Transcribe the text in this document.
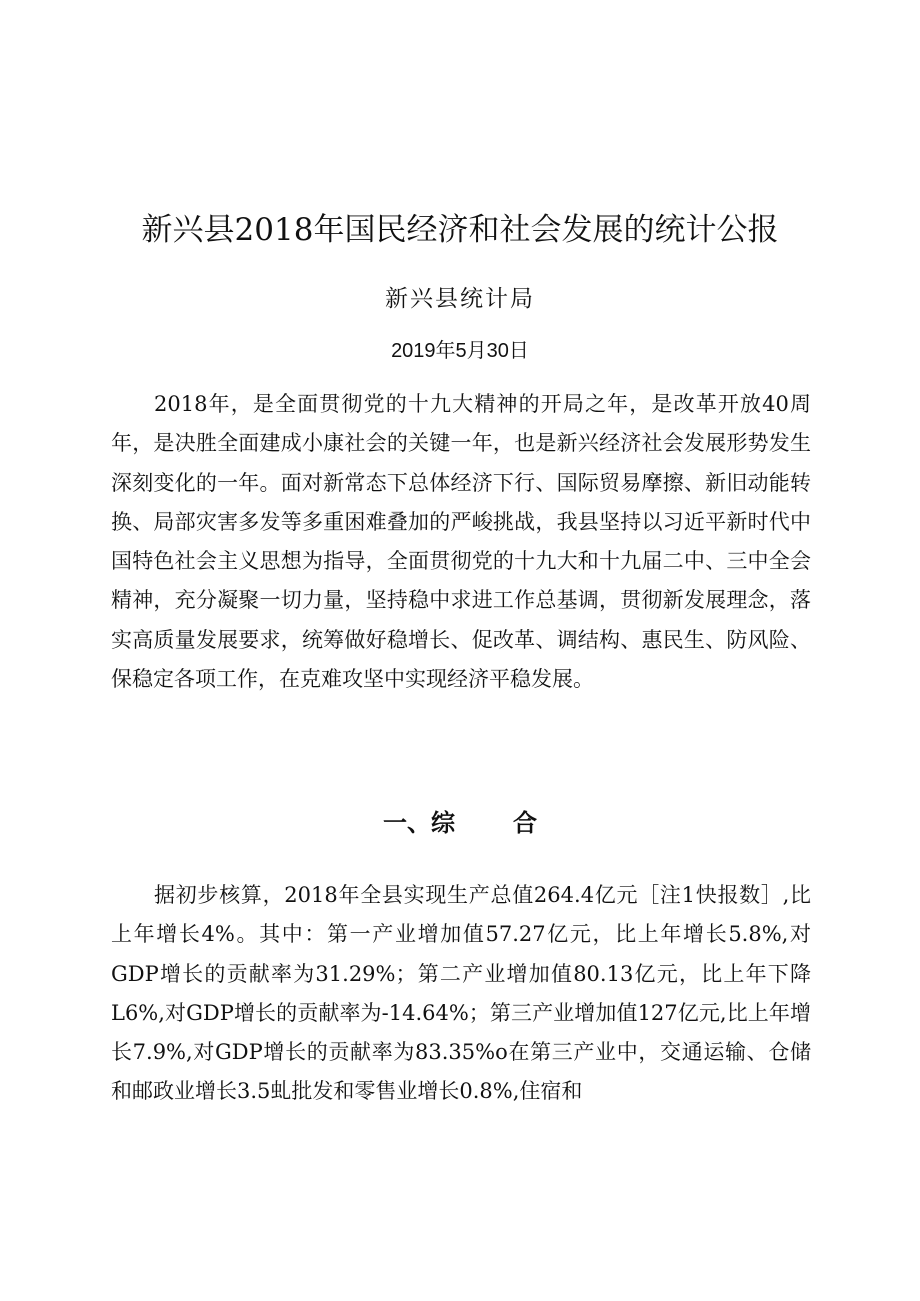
新兴县2018年国民经济和社会发展的统计公报
新兴县统计局
2019年5月30日

2018年，是全面贯彻党的十九大精神的开局之年，是改革开放40周年，是决胜全面建成小康社会的关键一年，也是新兴经济社会发展形势发生深刻变化的一年。面对新常态下总体经济下行、国际贸易摩擦、新旧动能转换、局部灾害多发等多重困难叠加的严峻挑战，我县坚持以习近平新时代中国特色社会主义思想为指导，全面贯彻党的十九大和十九届二中、三中全会精神，充分凝聚一切力量，坚持稳中求进工作总基调，贯彻新发展理念，落实高质量发展要求，统筹做好稳增长、促改革、调结构、惠民生、防风险、保稳定各项工作，在克难攻坚中实现经济平稳发展。

一、综 合

据初步核算，2018年全县实现生产总值264.4亿元［注1快报数］,比上年增长4%。其中：第一产业增加值57.27亿元，比上年增长5.8%,对GDP增长的贡献率为31.29%；第二产业增加值80.13亿元，比上年下降L6%,对GDP增长的贡献率为-14.64%；第三产业增加值127亿元,比上年增长7.9%,对GDP增长的贡献率为83.35%o在第三产业中，交通运输、仓储和邮政业增长3.5虬批发和零售业增长0.8%,住宿和
